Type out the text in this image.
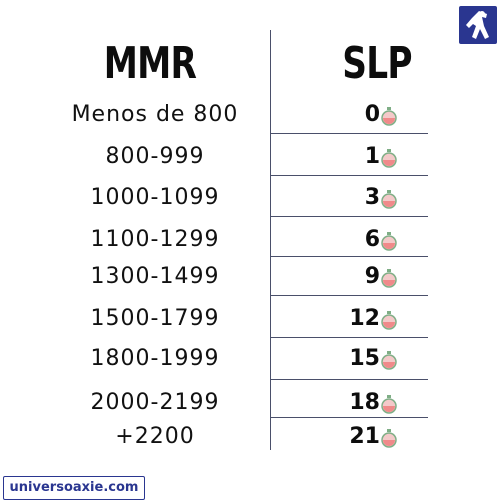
MMR	SLP
Menos de 800	0
800-999	1
1000-1099	3
1100-1299	6
1300-1499	9
1500-1799	12
1800-1999	15
2000-2199	18
+2200	21
universoaxie.com
